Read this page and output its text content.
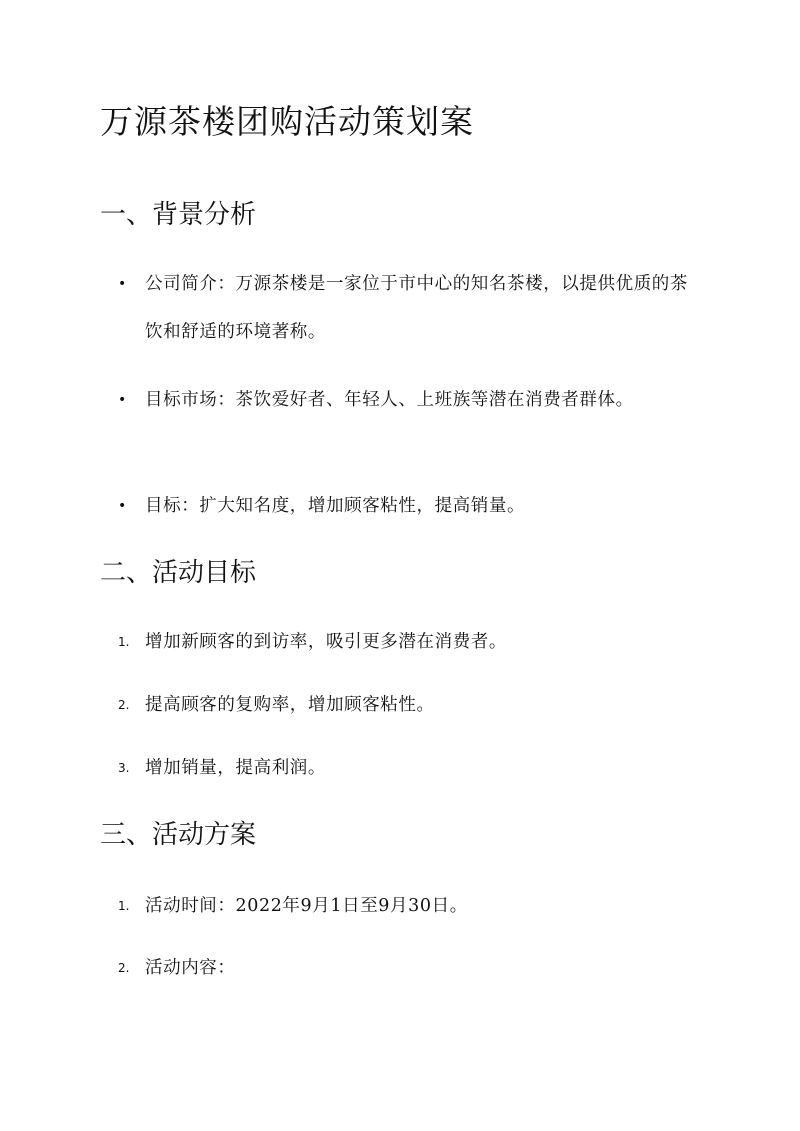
万源茶楼团购活动策划案
一、背景分析
• 公司简介：万源茶楼是一家位于市中心的知名茶楼，以提供优质的茶饮和舒适的环境著称。
• 目标市场：茶饮爱好者、年轻人、上班族等潜在消费者群体。
• 目标：扩大知名度，增加顾客粘性，提高销量。
二、活动目标
1. 增加新顾客的到访率，吸引更多潜在消费者。
2. 提高顾客的复购率，增加顾客粘性。
3. 增加销量，提高利润。
三、活动方案
1. 活动时间：2022年9月1日至9月30日。
2. 活动内容：
